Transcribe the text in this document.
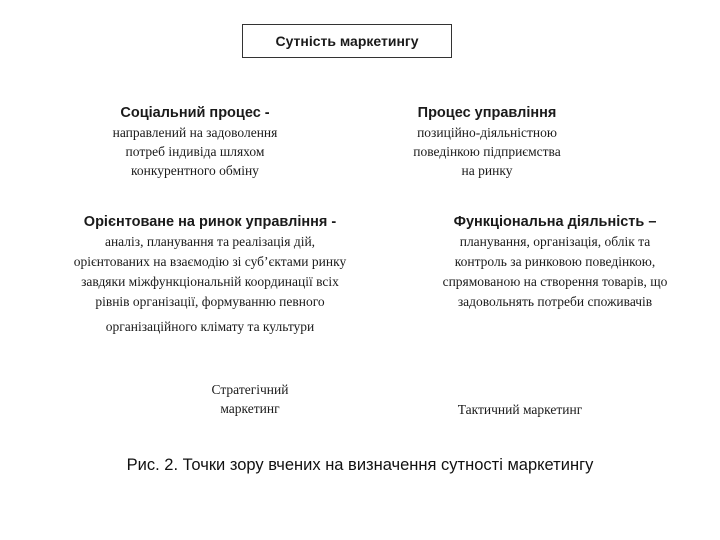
Сутність маркетингу
Соціальний процес -
направлений на задоволення
потреб індивіда шляхом
конкурентного обміну
Процес управління
позиційно-діяльністною
поведінкою підприємства
на ринку
Орієнтоване на ринок управління -
аналіз, планування та реалізація дій,
орієнтованих на взаємодію зі суб’єктами ринку
завдяки міжфункціональній координації всіх
рівнів організації, формуванню певного
організаційного клімату та культури
Функціональна діяльність –
планування, організація, облік та
контроль за ринковою поведінкою,
спрямованою на створення товарів, що
задовольнять потреби споживачів
Стратегічний
маркетинг	Тактичний маркетинг
Рис. 2. Точки зору вчених на визначення сутності маркетингу
